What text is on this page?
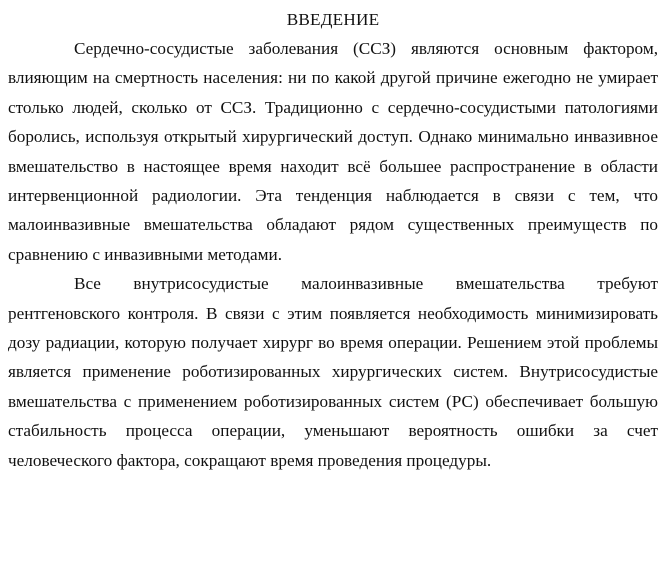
ВВЕДЕНИЕ

Сердечно-сосудистые заболевания (ССЗ) являются основным фактором, влияющим на смертность населения: ни по какой другой причине ежегодно не умирает столько людей, сколько от ССЗ. Традиционно с сердечно-сосудистыми патологиями боролись, используя открытый хирургический доступ. Однако минимально инвазивное вмешательство в настоящее время находит всё большее распространение в области интервенционной радиологии. Эта тенденция наблюдается в связи с тем, что малоинвазивные вмешательства обладают рядом существенных преимуществ по сравнению с инвазивными методами.

Все внутрисосудистые малоинвазивные вмешательства требуют рентгеновского контроля. В связи с этим появляется необходимость минимизировать дозу радиации, которую получает хирург во время операции. Решением этой проблемы является применение роботизированных хирургических систем. Внутрисосудистые вмешательства с применением роботизированных систем (РС) обеспечивает большую стабильность процесса операции, уменьшают вероятность ошибки за счет человеческого фактора, сокращают время проведения процедуры.
